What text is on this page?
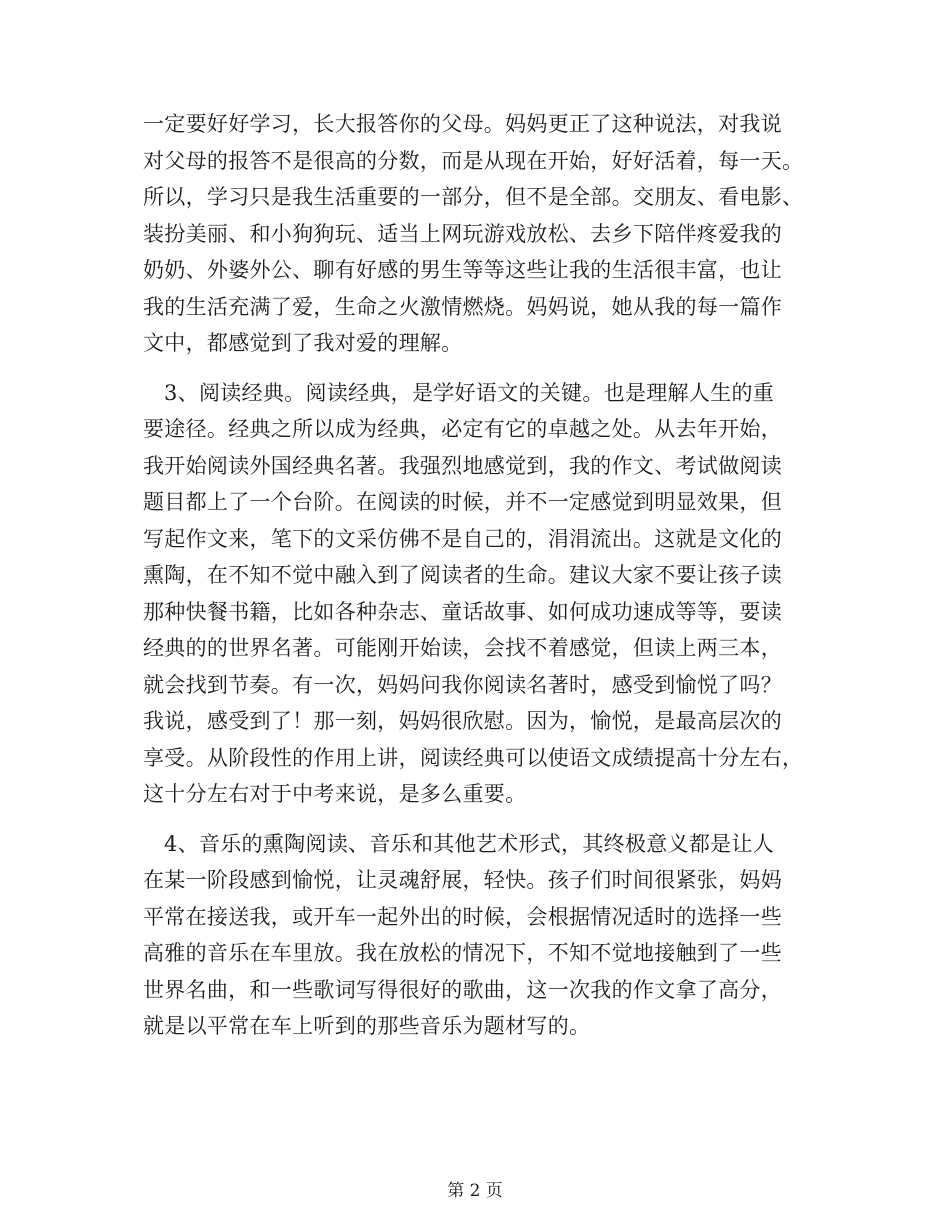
一定要好好学习，长大报答你的父母。妈妈更正了这种说法，对我说
对父母的报答不是很高的分数，而是从现在开始，好好活着，每一天。
所以，学习只是我生活重要的一部分，但不是全部。交朋友、看电影、
装扮美丽、和小狗狗玩、适当上网玩游戏放松、去乡下陪伴疼爱我的
奶奶、外婆外公、聊有好感的男生等等这些让我的生活很丰富，也让
我的生活充满了爱，生命之火激情燃烧。妈妈说，她从我的每一篇作
文中，都感觉到了我对爱的理解。
3、阅读经典。阅读经典，是学好语文的关键。也是理解人生的重
要途径。经典之所以成为经典，必定有它的卓越之处。从去年开始，
我开始阅读外国经典名著。我强烈地感觉到，我的作文、考试做阅读
题目都上了一个台阶。在阅读的时候，并不一定感觉到明显效果，但
写起作文来，笔下的文采仿佛不是自己的，涓涓流出。这就是文化的
熏陶，在不知不觉中融入到了阅读者的生命。建议大家不要让孩子读
那种快餐书籍，比如各种杂志、童话故事、如何成功速成等等，要读
经典的的世界名著。可能刚开始读，会找不着感觉，但读上两三本，
就会找到节奏。有一次，妈妈问我你阅读名著时，感受到愉悦了吗？
我说，感受到了！那一刻，妈妈很欣慰。因为，愉悦，是最高层次的
享受。从阶段性的作用上讲，阅读经典可以使语文成绩提高十分左右，
这十分左右对于中考来说，是多么重要。
4、音乐的熏陶阅读、音乐和其他艺术形式，其终极意义都是让人
在某一阶段感到愉悦，让灵魂舒展，轻快。孩子们时间很紧张，妈妈
平常在接送我，或开车一起外出的时候，会根据情况适时的选择一些
高雅的音乐在车里放。我在放松的情况下，不知不觉地接触到了一些
世界名曲，和一些歌词写得很好的歌曲，这一次我的作文拿了高分，
就是以平常在车上听到的那些音乐为题材写的。
第 2 页
